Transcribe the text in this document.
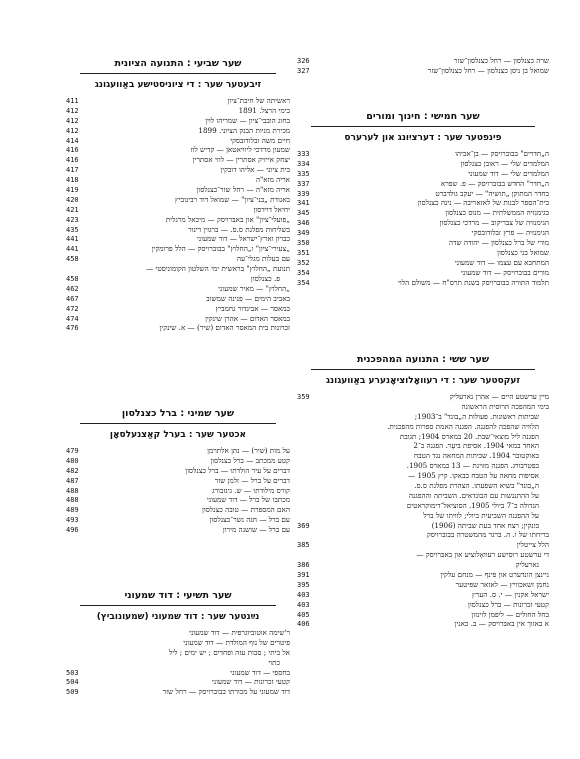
שרה כצנלסון — רחל כצנלסון־שזר
326
שמואל בן ניסן כצנלסון — רחל כצנלסון־שזר
327
שער חמישי : חינוך ומורים
פינפטער שער : דערציִונג און לערערס
ה„חדרים" בבוברויסק — בן־אביהו
333
המלמדים שלי — ראובן כצנלסון
334
המלמדים שלי — דוד שמעוני
335
ה„חדר" החדש בבוברויסק — פ. שפרא
337
בחדר המתוקן „תושיה" — יעקב גולדברט
339
בית־הספר לבנות של לאזאריבה — נינה כצנלסון
341
בגימנזיה הממשלתית — מנוס כצנלסון
345
הגימנזיה של צבריקוב — מרדכי כצנלסון
346
הגימנזיה — פרץ זבלודובסקי
349
מורי של ברל כצנלסון — יהודה שדה
350
שמואל בני כצנלסון
351
המתחבא עם עצמו — דוד שמעוני
352
מורים בבוברויסק — דוד שמעוני
354
תלמוד התורה בבוברויסק בשנת תרס"ח — משולם הלוי
354
שער ששי : התנועה המהפכנית
זעקסטער שער : די רעוואָלוציאָנערע באַוועגונג
מיין ערשטע היים — אהרן נארעליק
359
בימי המהפכה הרוסית הראשונה
שביתות ראשונות. פעולות ה„בונד" ב־1903;
הלוויה שהפכה להפגנה. הפגנה האמת ספרות מהפכנית.
הפגנה ליל מוצאי־שבת. 20 במארס 1904; תגובת
האחד במאי 1904. אסיפת בּיעָר. הפגנה ב־2
באוקטובר 1904. שביתות המחאה נגד הטבח
בפטרבורג. הפגנה מזוינת — 13 במארס 1905.
אסיפות מחאה על הטבח בבאקו. קיץ 1905 —
ה„בונד" בשיא השפעתו. הצהרת מפלגת ס.ס.
על ההתנגשות עם הבונדאים. השביתה וההפגנה
הגדולה ב־7 ביולי 1905. הסוציאל־דימוקראטים
על ההפגנה השביעית ביולי; לוויתו של ברל
בּונקין; רצח אחד בעת שביתה (1906)
369
בריחתו של ו. ה. ברגר מהמשטרה בבוברויסק
הלל צייטלין
385
די ערשטע רוסישע רעוואָלוציע און באבּרויסק —
נארעליק
386
ניינצן הונדערט און פינף — מנחם עלקין
391
נחמן זשאכוויץ — לאזאר שפּיטער
395
ישראל אקנין — י. ס. הערץ
403
קטעי זכרונות — ברל כצנלסון
403
בחל החולים — ליפמן לוינזון
405
א באזוך אין באבּרויסק — ב. כאנין
406
שער שביעי : התנועה הציונית
זיבעטער שער : די ציוניסטישע באַוועגונג
ראשיתה של חיבת־ציון
411
בימי הרצל. 1891
412
בחוג הובבי־ציון — שמריהו לוין
412
מכירת מניות הבנק הציוני. 1899
412
חיים משה זבלודובסקי
414
שמעון מרדכי ליוויאטאן — קדיש לוז
416
יצחק אייזיק אסתרין — לוזי אסתרין
416
בית ציוני — אליהו דובקין
417
אריה מזא"ה
418
אריה מזא"ה — רחל שזר־כצנלסון
419
באגודת „בני־ציון" — שמואל דוד רבינוביץ
420
יחיאל דוידסון
421
„פועלי־ציון" און באבּרויסק — מיכאל מרגלית
423
בשליחות מפלגת ס.ס. — ברגזין דינור
435
כברון וארץ־ישראל — דוד שמעוני
441
„צעירי־ציון" ו„החלוץ" בבוברויסק — הלל פרומקין
441
עם בעלות מגלי־עה
458
תנועת „החלוץ" בראשית ימי השלטון הקומוניסטי —
פ. כצנלסון
458
„החלוץ" — מאיר שמעוני
462
באביב הימים — פנינה שמשוב
467
במאסר — אביגדור גחמביץ
472
במאסר האדום — אהרן שינקין
474
זכרונות בית המאסר האדום (שיר) — א. שינקין
476
שער שמיני : ברל כצנלסון
אכטער שער : בערל קאַצנעלסאָן
על מות (שיר) — נתן אלתרמן
479
קטע ממכתב — ברל כצנלסון
480
דברים על עיר הולדתו — ברל כצנלסון
482
דברים על ברל — זלמן שזר
487
קורס מילודתו — ש. גינזבורג
488
מכתבו של ברל — דוד שמעוני
488
האם המספרת — טובה כצנלסון
489
עם ברל — חנה נשר־כצנלסון
493
עם ברל — שושנה מירון
496
שער תשיעי : דוד שמעוני
נײַנטער שער : דוד שמעוני (שמעונוביץ)
ר'שימה אוטוביוגרפית — דוד שמעוני
פיטרים של נוף המולדת — דוד שמעוני
אל ביתי ; סבות עזה ופחדים ; יש ימים ; ליל
כתוי
בחספי — דוד שמעוני
503
קטעי זכרונות — דוד שמעוני
504
דוד שמעוני על מכורתו בבוברויסק — רחל שזר
509
